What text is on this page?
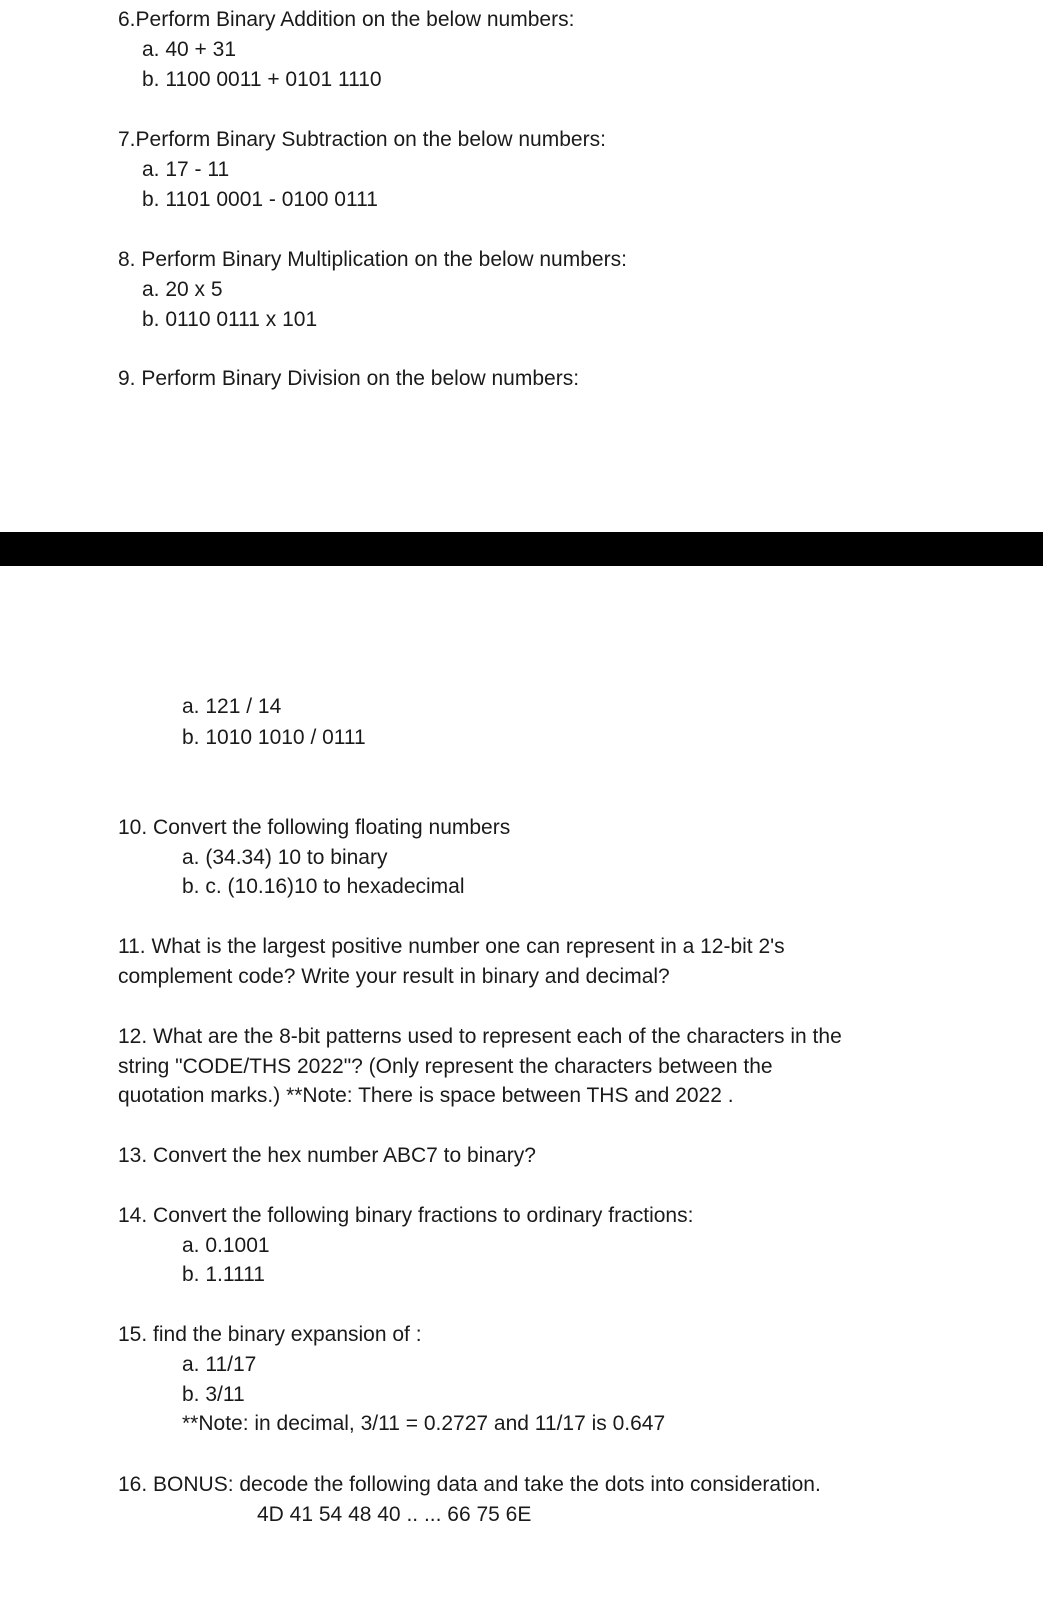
6.Perform Binary Addition on the below numbers:
a. 40 + 31
b. 1100 0011 + 0101 1110
7.Perform Binary Subtraction on the below numbers:
a. 17 - 11
b. 1101 0001 - 0100 0111
8. Perform Binary Multiplication on the below numbers:
a. 20 x 5
b. 0110 0111 x 101
9. Perform Binary Division on the below numbers:
a. 121 / 14
b. 1010 1010 / 0111
10. Convert the following floating numbers
a. (34.34) 10 to binary
b. c. (10.16)10 to hexadecimal
11. What is the largest positive number one can represent in a 12-bit 2's
complement code? Write your result in binary and decimal?
12. What are the 8-bit patterns used to represent each of the characters in the
string "CODE/THS 2022"? (Only represent the characters between the
quotation marks.) **Note: There is space between THS and 2022 .
13. Convert the hex number ABC7 to binary?
14. Convert the following binary fractions to ordinary fractions:
a. 0.1001
b. 1.1111
15. find the binary expansion of :
a. 11/17
b. 3/11
**Note: in decimal, 3/11 = 0.2727 and 11/17 is 0.647
16. BONUS: decode the following data and take the dots into consideration.
4D 41 54 48 40 .. ... 66 75 6E
